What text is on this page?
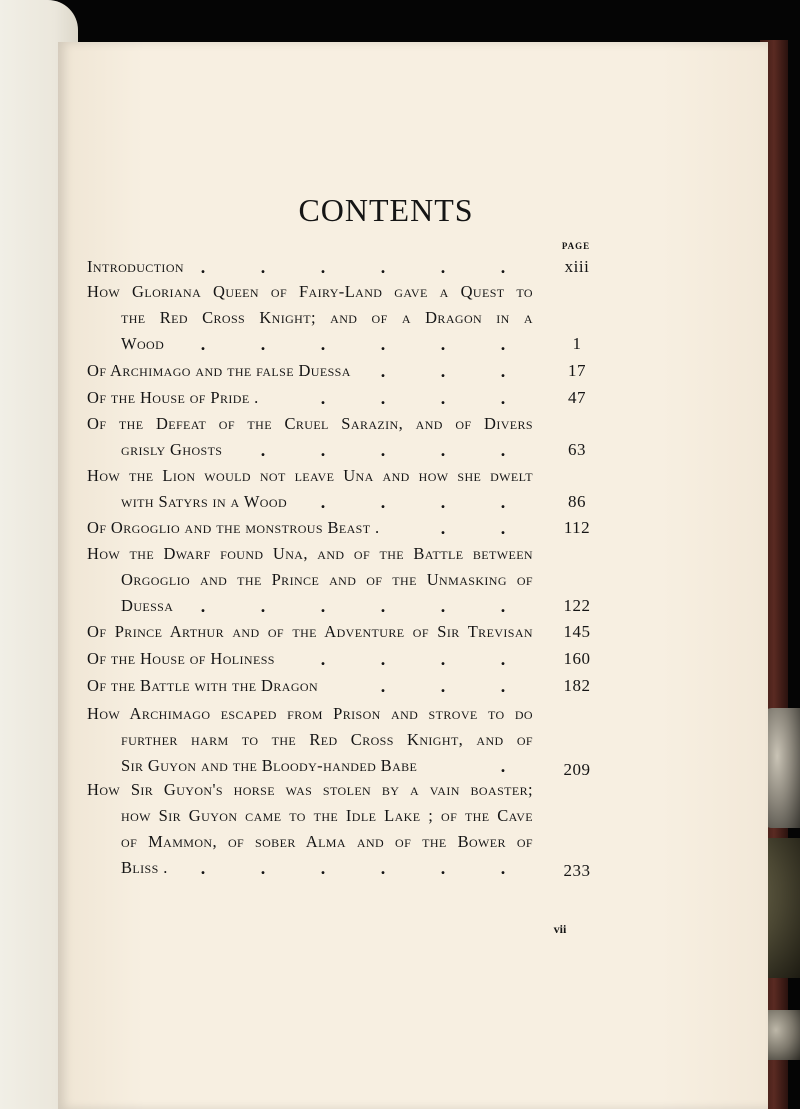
CONTENTS
PAGE
Introduction .	.	.	.	.	.	xiii
How Gloriana Queen of Fairy-Land gave a Quest to
the Red Cross Knight; and of a Dragon in a
Wood	.	.	.	.	.	.	1
Of Archimago and the false Duessa	.	.	.	17
Of the House of Pride .	.	.	.	.	47
Of the Defeat of the Cruel Sarazin, and of Divers
grisly Ghosts	.	.	.	.	.	63
How the Lion would not leave Una and how she dwelt
with Satyrs in a Wood	.	.	.	.	86
Of Orgoglio and the monstrous Beast .	.	.	112
How the Dwarf found Una, and of the Battle between
Orgoglio and the Prince and of the Unmasking of
Duessa	.	.	.	.	.	.	122
Of Prince Arthur and of the Adventure of Sir Trevisan	145
Of the House of Holiness	.	.	.	.	160
Of the Battle with the Dragon	.	.	.	182
How Archimago escaped from Prison and strove to do
further harm to the Red Cross Knight, and of
Sir Guyon and the Bloody-handed Babe	.	209
How Sir Guyon's horse was stolen by a vain boaster;
how Sir Guyon came to the Idle Lake ; of the Cave
of Mammon, of sober Alma and of the Bower of
Bliss .	.	.	.	.	.	.	233
vii
